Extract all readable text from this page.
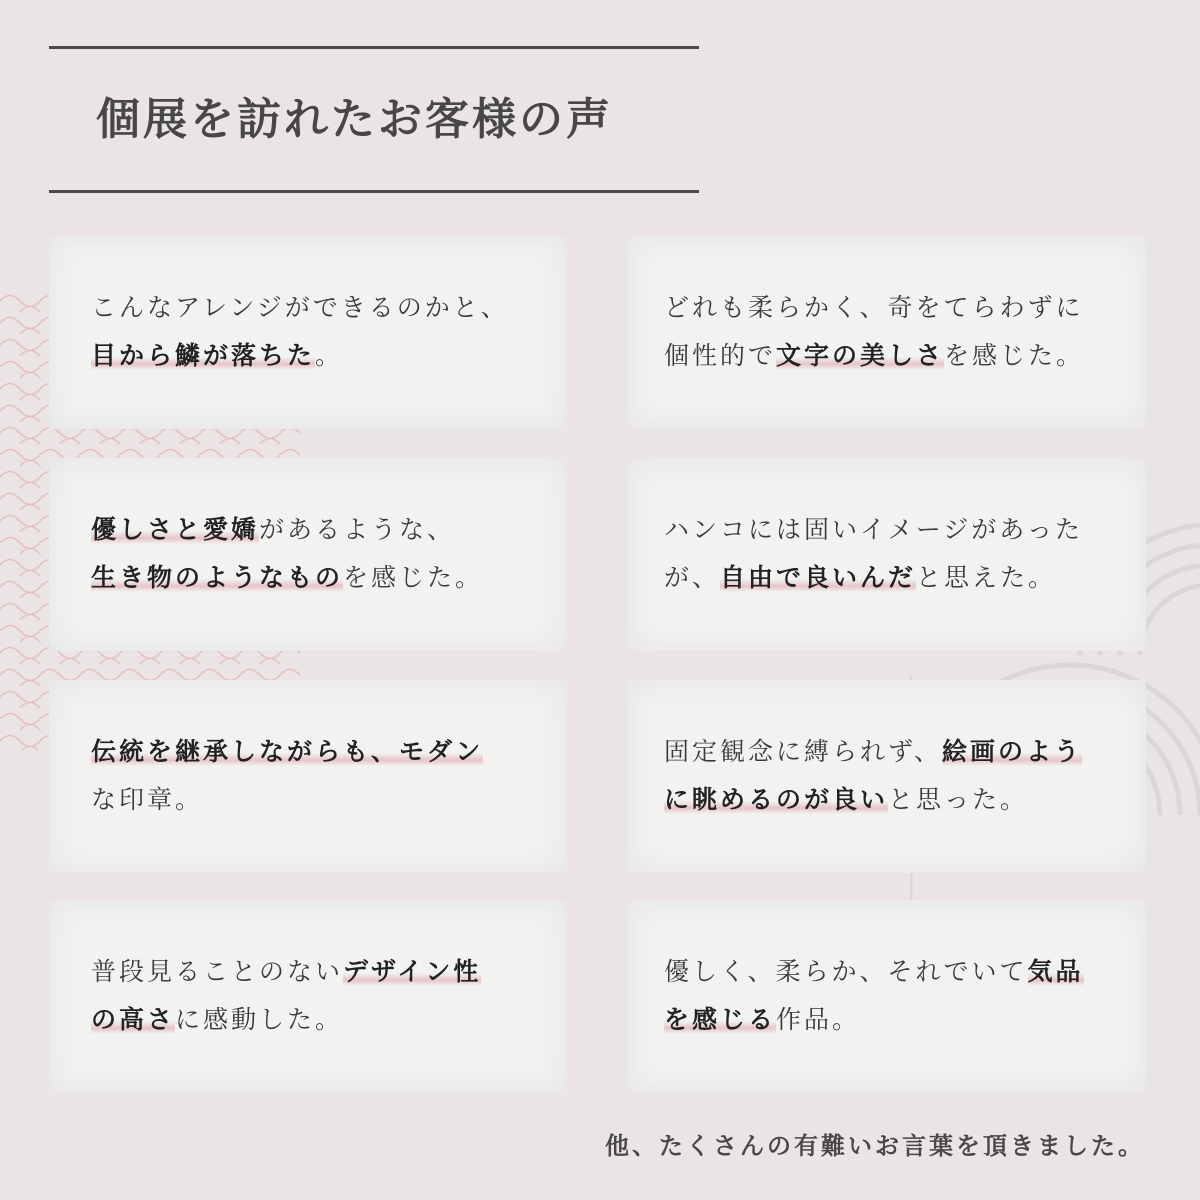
個展を訪れたお客様の声
こんなアレンジができるのかと、
目から鱗が落ちた。
どれも柔らかく、奇をてらわずに
個性的で文字の美しさを感じた。
優しさと愛嬌があるような、
生き物のようなものを感じた。
ハンコには固いイメージがあった
が、自由で良いんだと思えた。
伝統を継承しながらも、モダン
な印章。
固定観念に縛られず、絵画のよう
に眺めるのが良いと思った。
普段見ることのないデザイン性
の高さに感動した。
優しく、柔らか、それでいて気品
を感じる作品。
他、たくさんの有難いお言葉を頂きました。
